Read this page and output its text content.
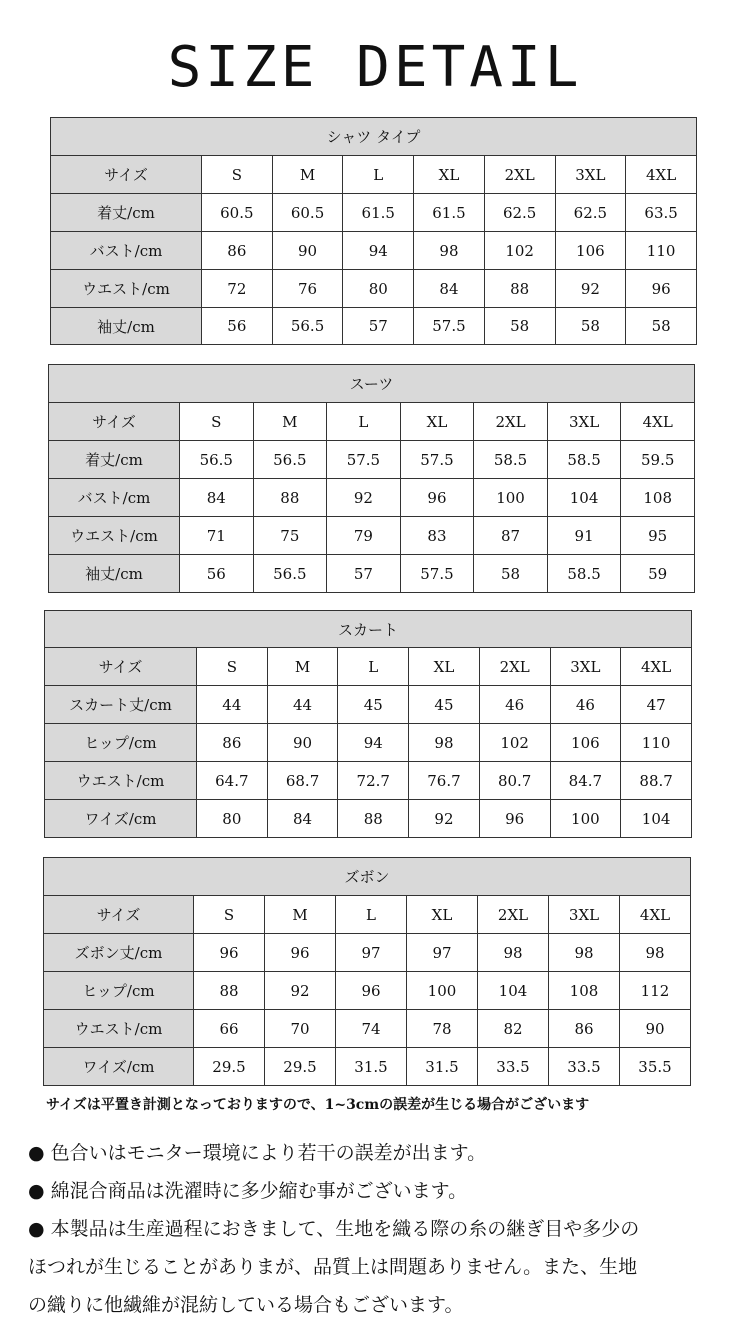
SIZE DETAIL
シャツ タイプ							
サイズ	S	M	L	XL	2XL	3XL	4XL
着丈/cm	60.5	60.5	61.5	61.5	62.5	62.5	63.5
バスト/cm	86	90	94	98	102	106	110
ウエスト/cm	72	76	80	84	88	92	96
袖丈/cm	56	56.5	57	57.5	58	58	58
スーツ							
サイズ	S	M	L	XL	2XL	3XL	4XL
着丈/cm	56.5	56.5	57.5	57.5	58.5	58.5	59.5
バスト/cm	84	88	92	96	100	104	108
ウエスト/cm	71	75	79	83	87	91	95
袖丈/cm	56	56.5	57	57.5	58	58.5	59
スカート							
サイズ	S	M	L	XL	2XL	3XL	4XL
スカート丈/cm	44	44	45	45	46	46	47
ヒップ/cm	86	90	94	98	102	106	110
ウエスト/cm	64.7	68.7	72.7	76.7	80.7	84.7	88.7
ワイズ/cm	80	84	88	92	96	100	104
ズボン							
サイズ	S	M	L	XL	2XL	3XL	4XL
ズボン丈/cm	96	96	97	97	98	98	98
ヒップ/cm	88	92	96	100	104	108	112
ウエスト/cm	66	70	74	78	82	86	90
ワイズ/cm	29.5	29.5	31.5	31.5	33.5	33.5	35.5
サイズは平置き計測となっておりますので、1~3cmの誤差が生じる場合がございます

● 色合いはモニター環境により若干の誤差が出ます。

● 綿混合商品は洗濯時に多少縮む事がございます。

● 本製品は生産過程におきまして、生地を織る際の糸の継ぎ目や多少の

ほつれが生じることがありまが、品質上は問題ありません。また、生地

の織りに他繊維が混紡している場合もございます。
